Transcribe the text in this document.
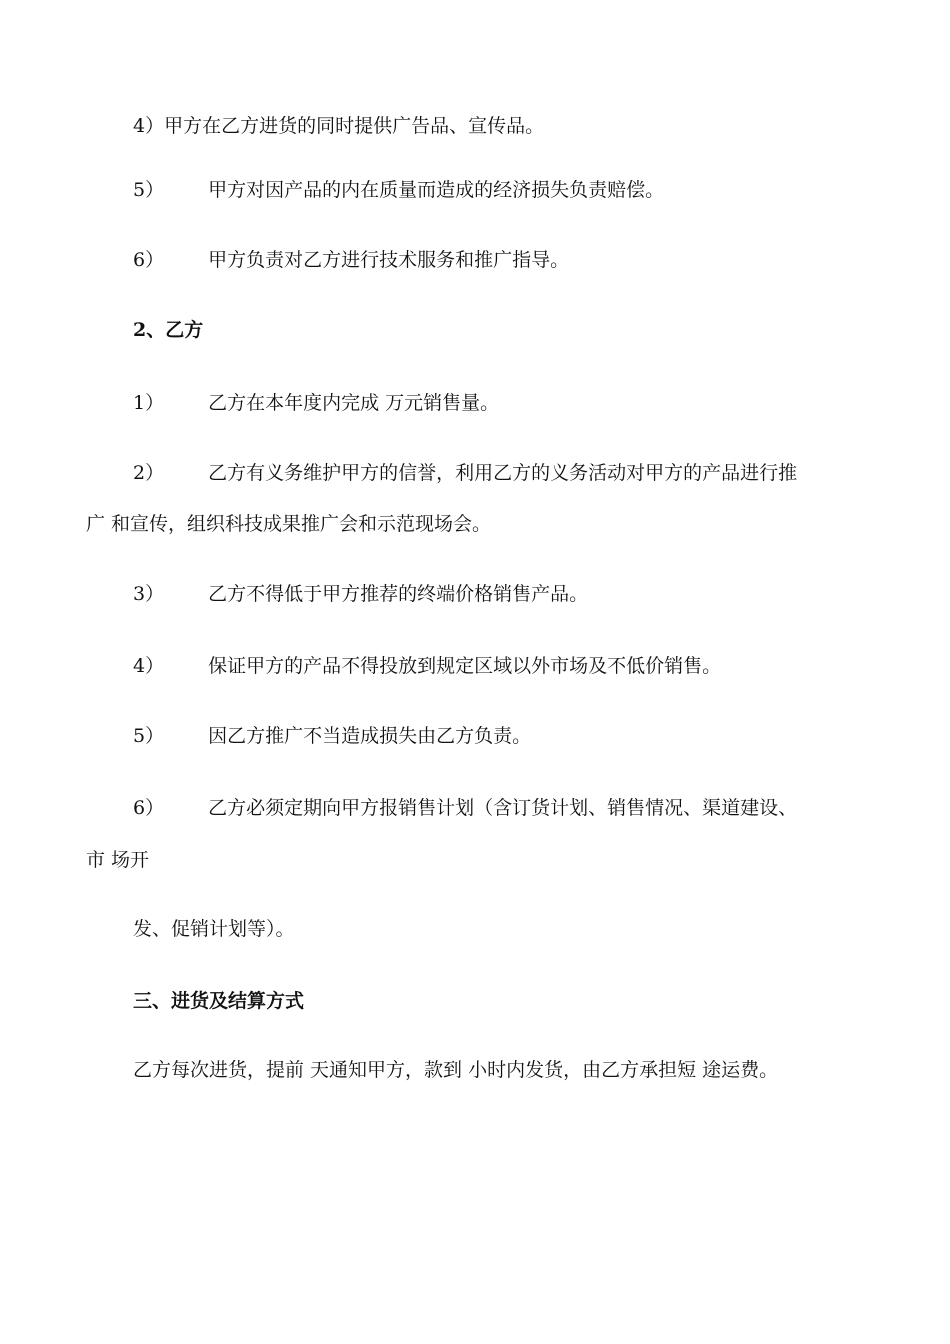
4）甲方在乙方进货的同时提供广告品、宣传品。
5） 甲方对因产品的内在质量而造成的经济损失负责赔偿。
6） 甲方负责对乙方进行技术服务和推广指导。
2、乙方
1） 乙方在本年度内完成 万元销售量。
2） 乙方有义务维护甲方的信誉，利用乙方的义务活动对甲方的产品进行推
广 和宣传，组织科技成果推广会和示范现场会。
3） 乙方不得低于甲方推荐的终端价格销售产品。
4） 保证甲方的产品不得投放到规定区域以外市场及不低价销售。
5） 因乙方推广不当造成损失由乙方负责。
6） 乙方必须定期向甲方报销售计划（含订货计划、销售情况、渠道建设、
市 场开
发、促销计划等）。
三、进货及结算方式
乙方每次进货，提前 天通知甲方，款到 小时内发货，由乙方承担短 途运费。
